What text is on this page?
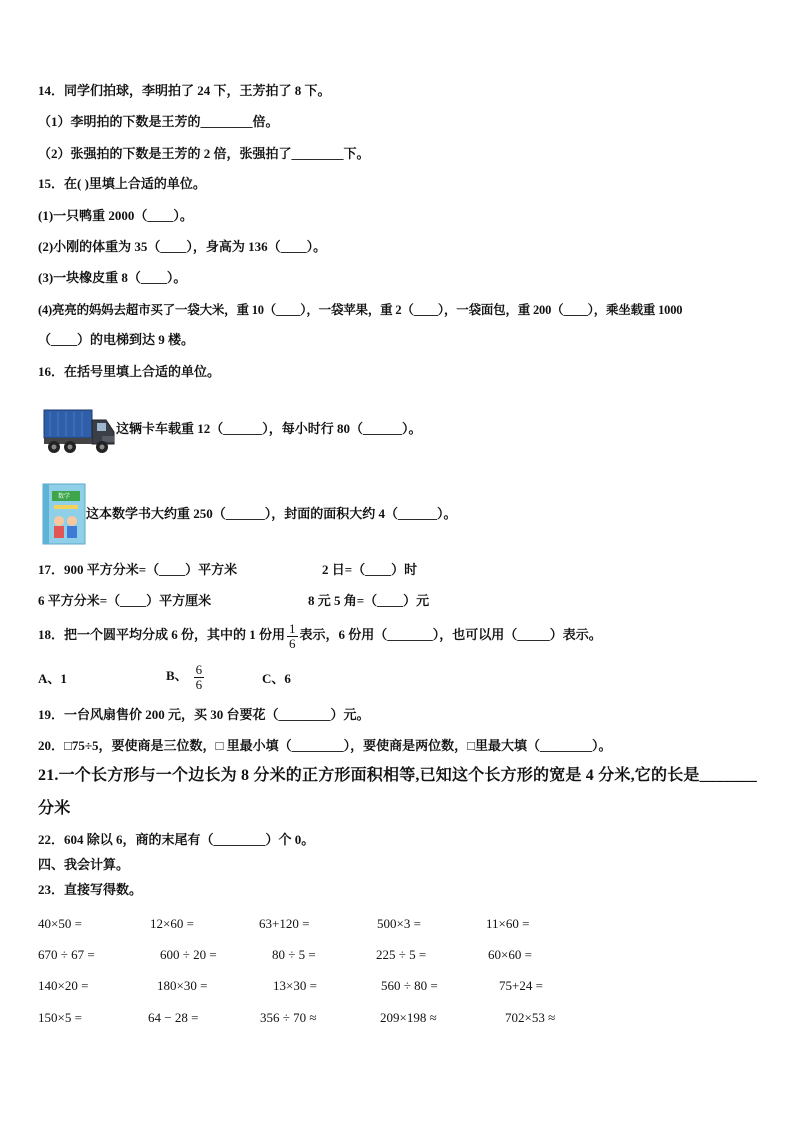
14．同学们拍球，李明拍了 24 下，王芳拍了 8 下。
（1）李明拍的下数是王芳的________倍。
（2）张强拍的下数是王芳的 2 倍，张强拍了________下。
15．在( )里填上合适的单位。
(1)一只鸭重 2000（____）。
(2)小刚的体重为 35（____），身高为 136（____）。
(3)一块橡皮重 8（____）。
(4)亮亮的妈妈去超市买了一袋大米，重 10（____），一袋苹果，重 2（____），一袋面包，重 200（____），乘坐载重 1000
（____）的电梯到达 9 楼。
16．在括号里填上合适的单位。
这辆卡车载重 12（______），每小时行 80（______）。
数学
这本数学书大约重 250（______），封面的面积大约 4（______）。
17．900 平方分米=（____）平方米	2 日=（____）时
6 平方分米=（____）平方厘米	8 元 5 角=（____）元
18．把一个圆平均分成 6 份，其中的 1 份用 $\frac{1}{6}$ 表示，6 份用（_______），也可以用（_____）表示。
A、1	B、 $\frac{6}{6}$	C、6
19．一台风扇售价 200 元，买 30 台要花（________）元。
20．□75÷5，要使商是三位数，□ 里最小填（________），要使商是两位数，□里最大填（________）。
21.一个长方形与一个边长为 8 分米的正方形面积相等,已知这个长方形的宽是 4 分米,它的长是_______
分米
22．604 除以 6，商的末尾有（________）个 0。
四、我会计算。
23．直接写得数。
40×50 =	12×60 =	63+120 =	500×3 =	11×60 =
670 ÷ 67 =	600 ÷ 20 =	80 ÷ 5 =	225 ÷ 5 =	60×60 =
140×20 =	180×30 =	13×30 =	560 ÷ 80 =	75+24 =
150×5 =	64 − 28 =	356 ÷ 70 ≈	209×198 ≈	702×53 ≈
